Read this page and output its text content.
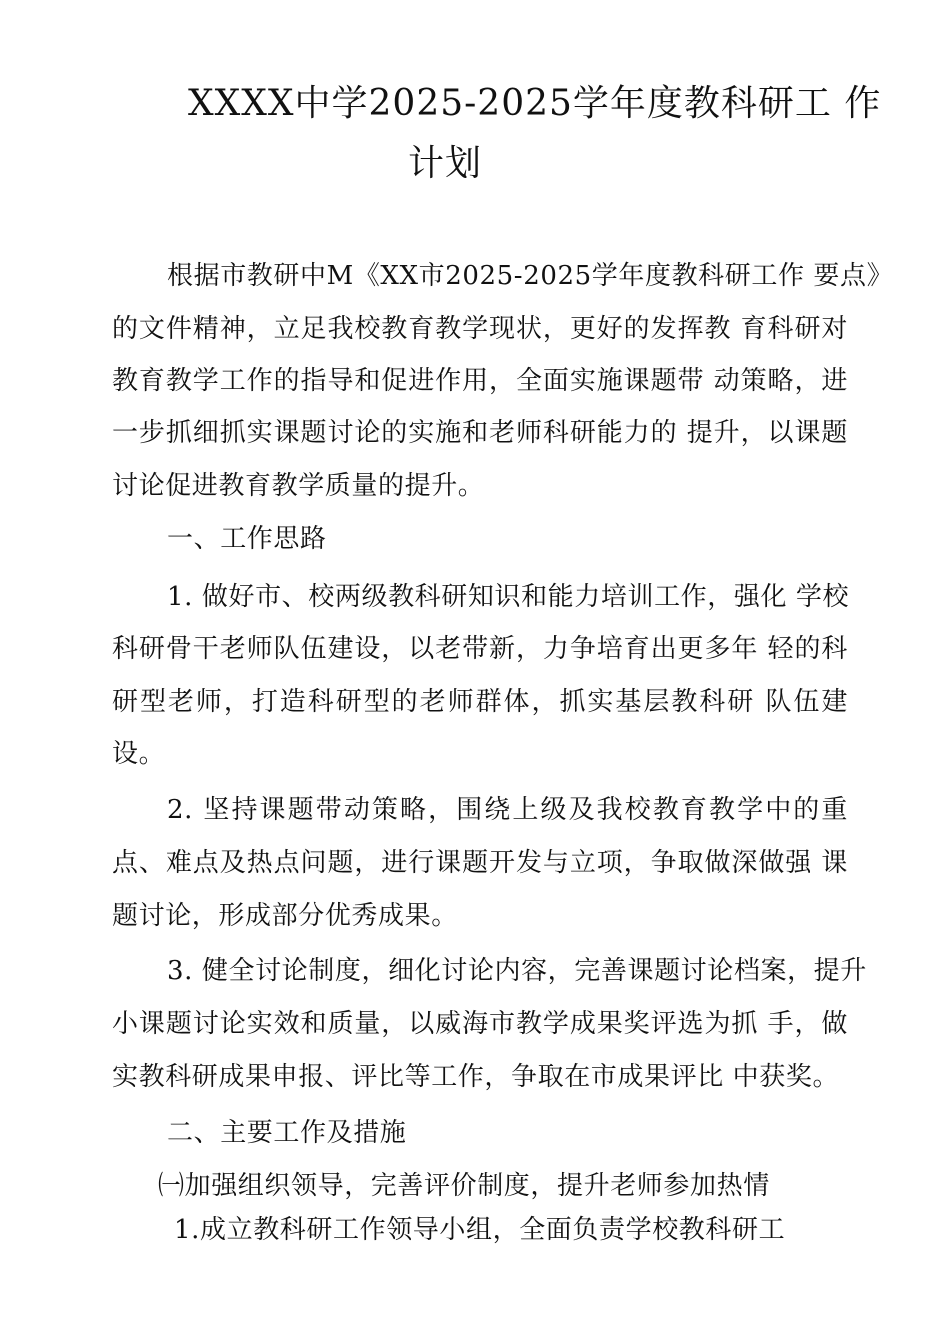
XXXX中学2025-2025学年度教科研工 作
计划
根据市教研中M《XX市2025-2025学年度教科研工作 要点》
的文件精神，立足我校教育教学现状，更好的发挥教 育科研对
教育教学工作的指导和促进作用，全面实施课题带 动策略，进
一步抓细抓实课题讨论的实施和老师科研能力的 提升，以课题
讨论促进教育教学质量的提升。
一、工作思路
1. 做好市、校两级教科研知识和能力培训工作，强化 学校
科研骨干老师队伍建设，以老带新，力争培育出更多年 轻的科
研型老师，打造科研型的老师群体，抓实基层教科研 队伍建
设。
2. 坚持课题带动策略，围绕上级及我校教育教学中的重
点、难点及热点问题，进行课题开发与立项，争取做深做强 课
题讨论，形成部分优秀成果。
3. 健全讨论制度，细化讨论内容，完善课题讨论档案，提升
小课题讨论实效和质量，以威海市教学成果奖评选为抓 手，做
实教科研成果申报、评比等工作，争取在市成果评比 中获奖。
二、主要工作及措施
㈠加强组织领导，完善评价制度，提升老师参加热情
1.成立教科研工作领导小组，全面负责学校教科研工
